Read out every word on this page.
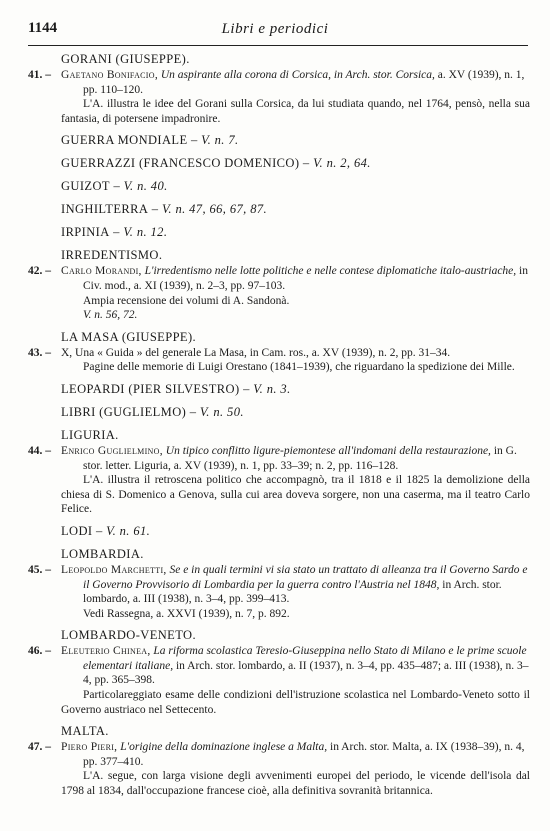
1144	Libri e periodici
GORANI (GIUSEPPE).
41. – Gaetano Bonifacio, Un aspirante alla corona di Corsica, in Arch. stor. Corsica, a. XV (1939), n. 1, pp. 110–120.
L'A. illustra le idee del Gorani sulla Corsica, da lui studiata quando, nel 1764, pensò, nella sua fantasia, di potersene impadronire.
GUERRA MONDIALE – V. n. 7.
GUERRAZZI (FRANCESCO DOMENICO) – V. n. 2, 64.
GUIZOT – V. n. 40.
INGHILTERRA – V. n. 47, 66, 67, 87.
IRPINIA – V. n. 12.
IRREDENTISMO.
42. – Carlo Morandi, L'irredentismo nelle lotte politiche e nelle contese diplomatiche italo-austriache, in Civ. mod., a. XI (1939), n. 2–3, pp. 97–103.
Ampia recensione dei volumi di A. Sandonà.
V. n. 56, 72.
LA MASA (GIUSEPPE).
43. – X, Una « Guida » del generale La Masa, in Cam. ros., a. XV (1939), n. 2, pp. 31–34.
Pagine delle memorie di Luigi Orestano (1841–1939), che riguardano la spedizione dei Mille.
LEOPARDI (PIER SILVESTRO) – V. n. 3.
LIBRI (GUGLIELMO) – V. n. 50.
LIGURIA.
44. – Enrico Guglielmino, Un tipico conflitto ligure-piemontese all'indomani della restaurazione, in G. stor. letter. Liguria, a. XV (1939), n. 1, pp. 33–39; n. 2, pp. 116–128.
L'A. illustra il retroscena politico che accompagnò, tra il 1818 e il 1825 la demolizione della chiesa di S. Domenico a Genova, sulla cui area doveva sorgere, non una caserma, ma il teatro Carlo Felice.
LODI – V. n. 61.
LOMBARDIA.
45. – Leopoldo Marchetti, Se e in quali termini vi sia stato un trattato di alleanza tra il Governo Sardo e il Governo Provvisorio di Lombardia per la guerra contro l'Austria nel 1848, in Arch. stor. lombardo, a. III (1938), n. 3–4, pp. 399–413.
Vedi Rassegna, a. XXVI (1939), n. 7, p. 892.
LOMBARDO-VENETO.
46. – Eleuterio Chinea, La riforma scolastica Teresio-Giuseppina nello Stato di Milano e le prime scuole elementari italiane, in Arch. stor. lombardo, a. II (1937), n. 3–4, pp. 435–487; a. III (1938), n. 3–4, pp. 365–398.
Particolareggiato esame delle condizioni dell'istruzione scolastica nel Lombardo-Veneto sotto il Governo austriaco nel Settecento.
MALTA.
47. – Piero Pieri, L'origine della dominazione inglese a Malta, in Arch. stor. Malta, a. IX (1938–39), n. 4, pp. 377–410.
L'A. segue, con larga visione degli avvenimenti europei del periodo, le vicende dell'isola dal 1798 al 1834, dall'occupazione francese cioè, alla definitiva sovranità britannica.
